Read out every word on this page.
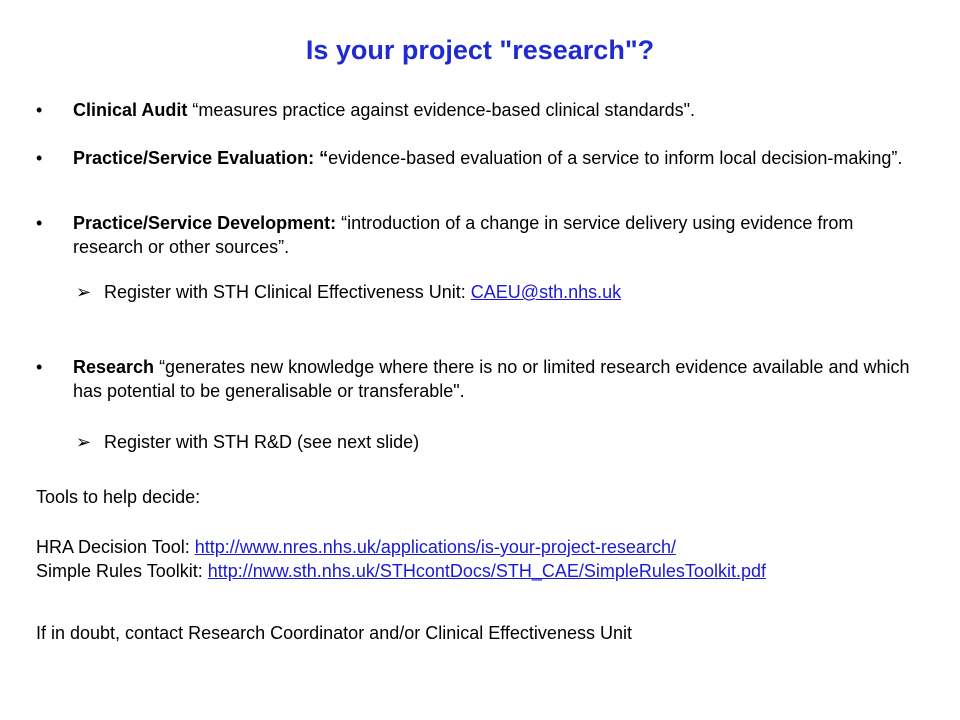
Is your project "research"?
•	Clinical Audit “measures practice against evidence-based clinical standards".
•	Practice/Service Evaluation: “evidence-based evaluation of a service to inform local decision-making”.
•	Practice/Service Development: “introduction of a change in service delivery using evidence from research or other sources”.
➢ Register with STH Clinical Effectiveness Unit: CAEU@sth.nhs.uk
•	Research “generates new knowledge where there is no or limited research evidence available and which has potential to be generalisable or transferable".
➢ Register with STH R&D (see next slide)
Tools to help decide:
HRA Decision Tool: http://www.nres.nhs.uk/applications/is-your-project-research/
Simple Rules Toolkit: http://nww.sth.nhs.uk/STHcontDocs/STH_CAE/SimpleRulesToolkit.pdf
If in doubt, contact Research Coordinator and/or Clinical Effectiveness Unit
